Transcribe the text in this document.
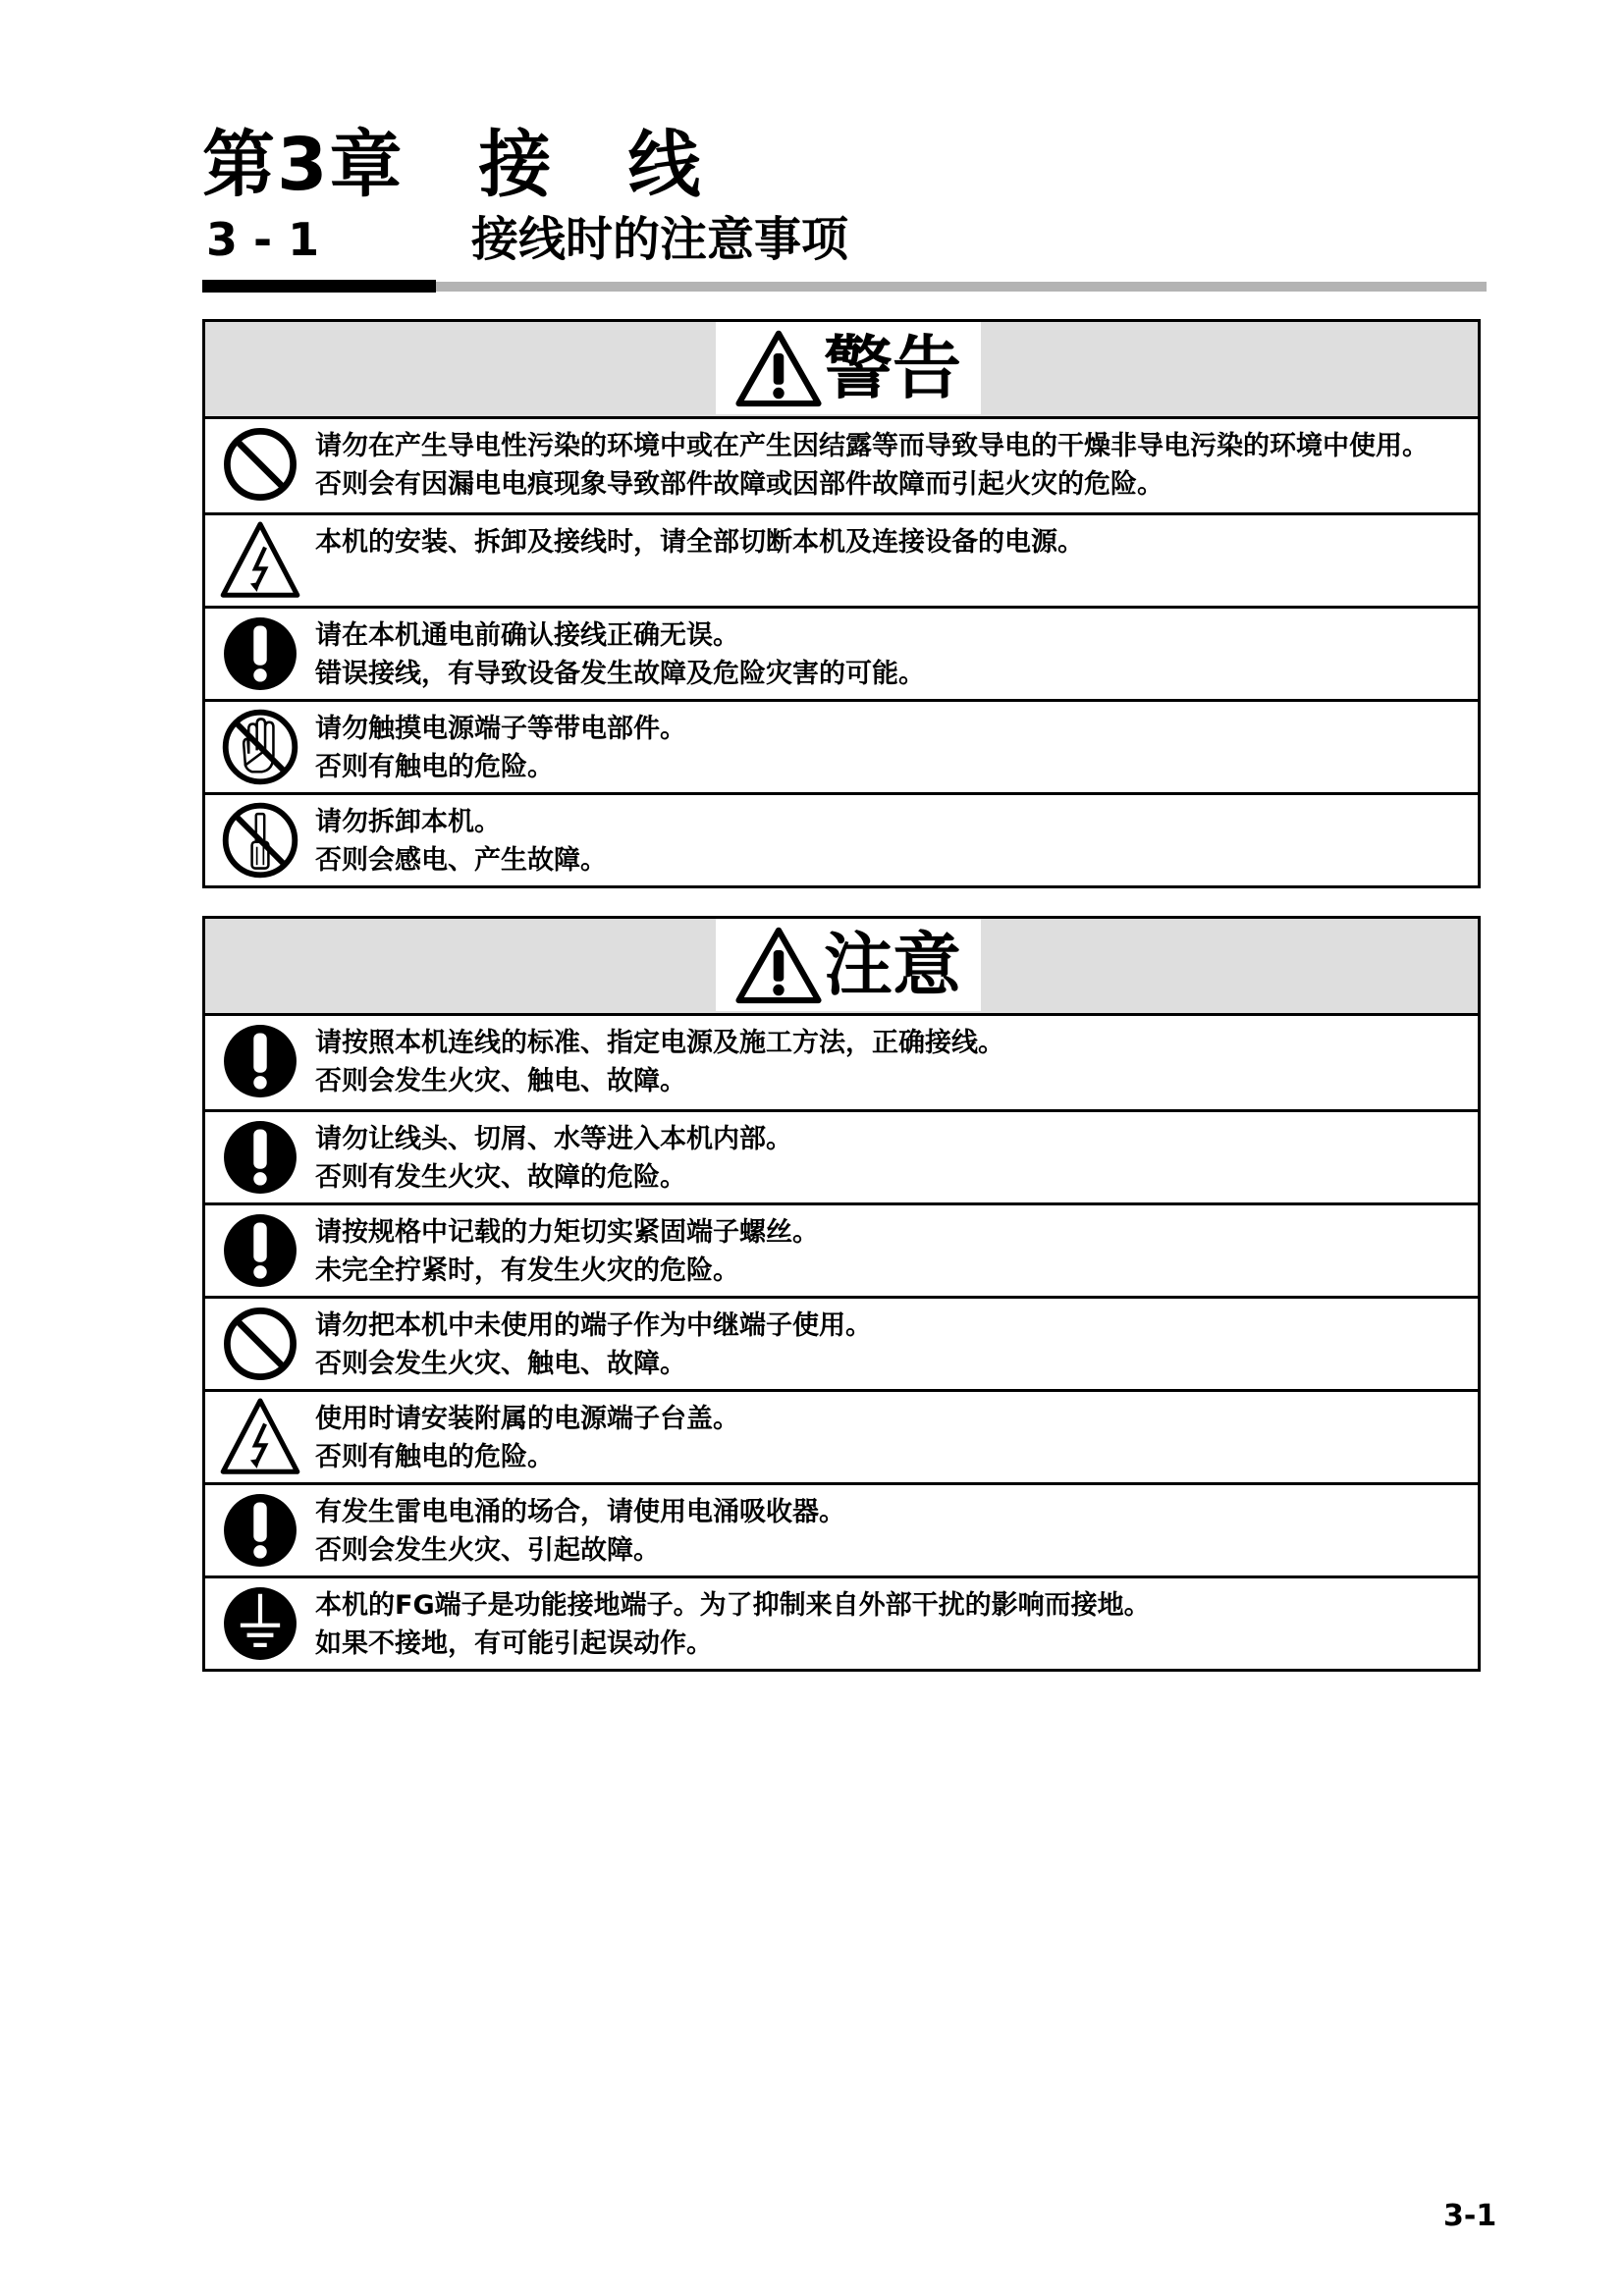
第3章　接　线
3 - 1	接线时的注意事项
警告
请勿在产生导电性污染的环境中或在产生因结露等而导致导电的干燥非导电污染的环境中使用。
否则会有因漏电电痕现象导致部件故障或因部件故障而引起火灾的危险。
本机的安装、拆卸及接线时，请全部切断本机及连接设备的电源。
请在本机通电前确认接线正确无误。
错误接线，有导致设备发生故障及危险灾害的可能。
请勿触摸电源端子等带电部件。
否则有触电的危险。
请勿拆卸本机。
否则会感电、产生故障。
注意
请按照本机连线的标准、指定电源及施工方法，正确接线。
否则会发生火灾、触电、故障。
请勿让线头、切屑、水等进入本机内部。
否则有发生火灾、故障的危险。
请按规格中记载的力矩切实紧固端子螺丝。
未完全拧紧时，有发生火灾的危险。
请勿把本机中未使用的端子作为中继端子使用。
否则会发生火灾、触电、故障。
使用时请安装附属的电源端子台盖。
否则有触电的危险。
有发生雷电电涌的场合，请使用电涌吸收器。
否则会发生火灾、引起故障。
本机的FG端子是功能接地端子。为了抑制来自外部干扰的影响而接地。
如果不接地，有可能引起误动作。
3-1
